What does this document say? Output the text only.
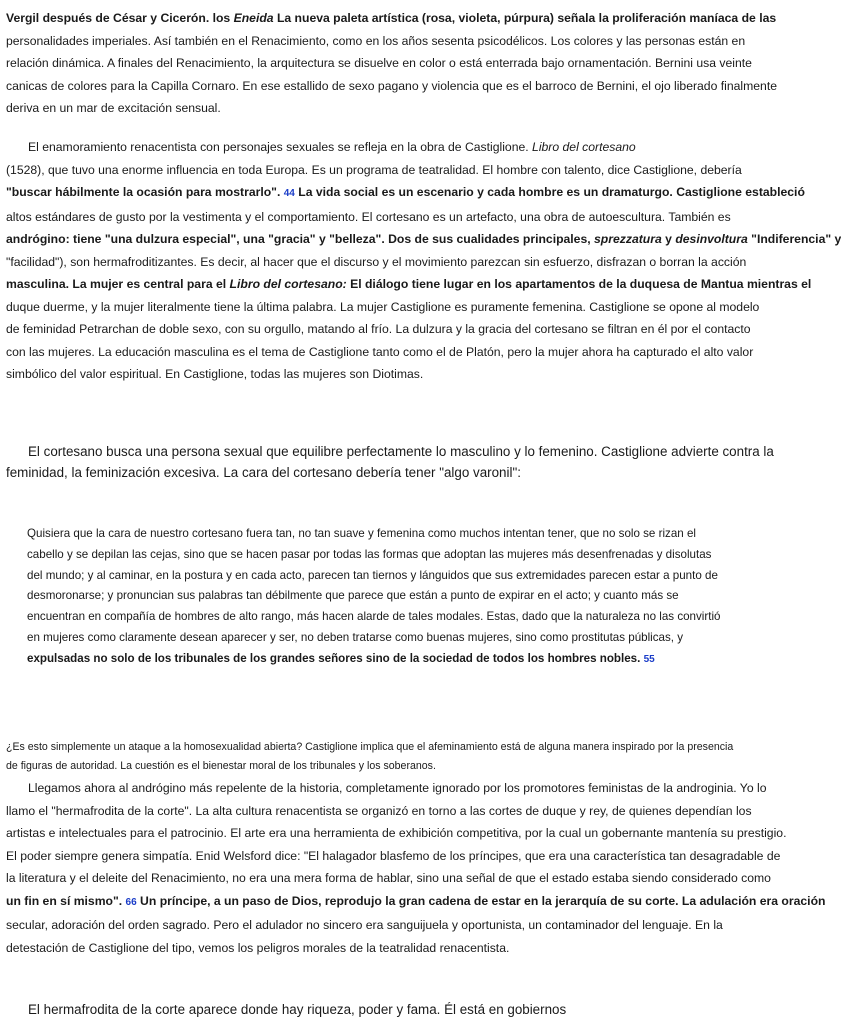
Vergil después de César y Cicerón. los Eneida La nueva paleta artística (rosa, violeta, púrpura) señala la proliferación maníaca de las
personalidades imperiales. Así también en el Renacimiento, como en los años sesenta psicodélicos. Los colores y las personas están en
relación dinámica. A finales del Renacimiento, la arquitectura se disuelve en color o está enterrada bajo ornamentación. Bernini usa veinte
canicas de colores para la Capilla Cornaro. En ese estallido de sexo pagano y violencia que es el barroco de Bernini, el ojo liberado finalmente
deriva en un mar de excitación sensual.
El enamoramiento renacentista con personajes sexuales se refleja en la obra de Castiglione. Libro del cortesano
(1528), que tuvo una enorme influencia en toda Europa. Es un programa de teatralidad. El hombre con talento, dice Castiglione, debería
"buscar hábilmente la ocasión para mostrarlo". 44 La vida social es un escenario y cada hombre es un dramaturgo. Castiglione estableció
altos estándares de gusto por la vestimenta y el comportamiento. El cortesano es un artefacto, una obra de autoescultura. También es
andrógino: tiene "una dulzura especial", una "gracia" y "belleza". Dos de sus cualidades principales, sprezzatura y desinvoltura "Indiferencia" y
"facilidad"), son hermafroditizantes. Es decir, al hacer que el discurso y el movimiento parezcan sin esfuerzo, disfrazan o borran la acción
masculina. La mujer es central para el Libro del cortesano: El diálogo tiene lugar en los apartamentos de la duquesa de Mantua mientras el
duque duerme, y la mujer literalmente tiene la última palabra. La mujer Castiglione es puramente femenina. Castiglione se opone al modelo
de feminidad Petrarchan de doble sexo, con su orgullo, matando al frío. La dulzura y la gracia del cortesano se filtran en él por el contacto
con las mujeres. La educación masculina es el tema de Castiglione tanto como el de Platón, pero la mujer ahora ha capturado el alto valor
simbólico del valor espiritual. En Castiglione, todas las mujeres son Diotimas.
El cortesano busca una persona sexual que equilibre perfectamente lo masculino y lo femenino. Castiglione advierte contra la
feminidad, la feminización excesiva. La cara del cortesano debería tener "algo varonil":
Quisiera que la cara de nuestro cortesano fuera tan, no tan suave y femenina como muchos intentan tener, que no solo se rizan el
cabello y se depilan las cejas, sino que se hacen pasar por todas las formas que adoptan las mujeres más desenfrenadas y disolutas
del mundo; y al caminar, en la postura y en cada acto, parecen tan tiernos y lánguidos que sus extremidades parecen estar a punto de
desmoronarse; y pronuncian sus palabras tan débilmente que parece que están a punto de expirar en el acto; y cuanto más se
encuentran en compañía de hombres de alto rango, más hacen alarde de tales modales. Estas, dado que la naturaleza no las convirtió
en mujeres como claramente desean aparecer y ser, no deben tratarse como buenas mujeres, sino como prostitutas públicas, y
expulsadas no solo de los tribunales de los grandes señores sino de la sociedad de todos los hombres nobles. 55
¿Es esto simplemente un ataque a la homosexualidad abierta? Castiglione implica que el afeminamiento está de alguna manera inspirado por la presencia
de figuras de autoridad. La cuestión es el bienestar moral de los tribunales y los soberanos.
Llegamos ahora al andrógino más repelente de la historia, completamente ignorado por los promotores feministas de la androginia. Yo lo
llamo el "hermafrodita de la corte". La alta cultura renacentista se organizó en torno a las cortes de duque y rey, de quienes dependían los
artistas e intelectuales para el patrocinio. El arte era una herramienta de exhibición competitiva, por la cual un gobernante mantenía su prestigio.
El poder siempre genera simpatía. Enid Welsford dice: "El halagador blasfemo de los príncipes, que era una característica tan desagradable de
la literatura y el deleite del Renacimiento, no era una mera forma de hablar, sino una señal de que el estado estaba siendo considerado como
un fin en sí mismo". 66 Un príncipe, a un paso de Dios, reprodujo la gran cadena de estar en la jerarquía de su corte. La adulación era oración
secular, adoración del orden sagrado. Pero el adulador no sincero era sanguijuela y oportunista, un contaminador del lenguaje. En la
detestación de Castiglione del tipo, vemos los peligros morales de la teatralidad renacentista.
El hermafrodita de la corte aparece donde hay riqueza, poder y fama. Él está en gobiernos
